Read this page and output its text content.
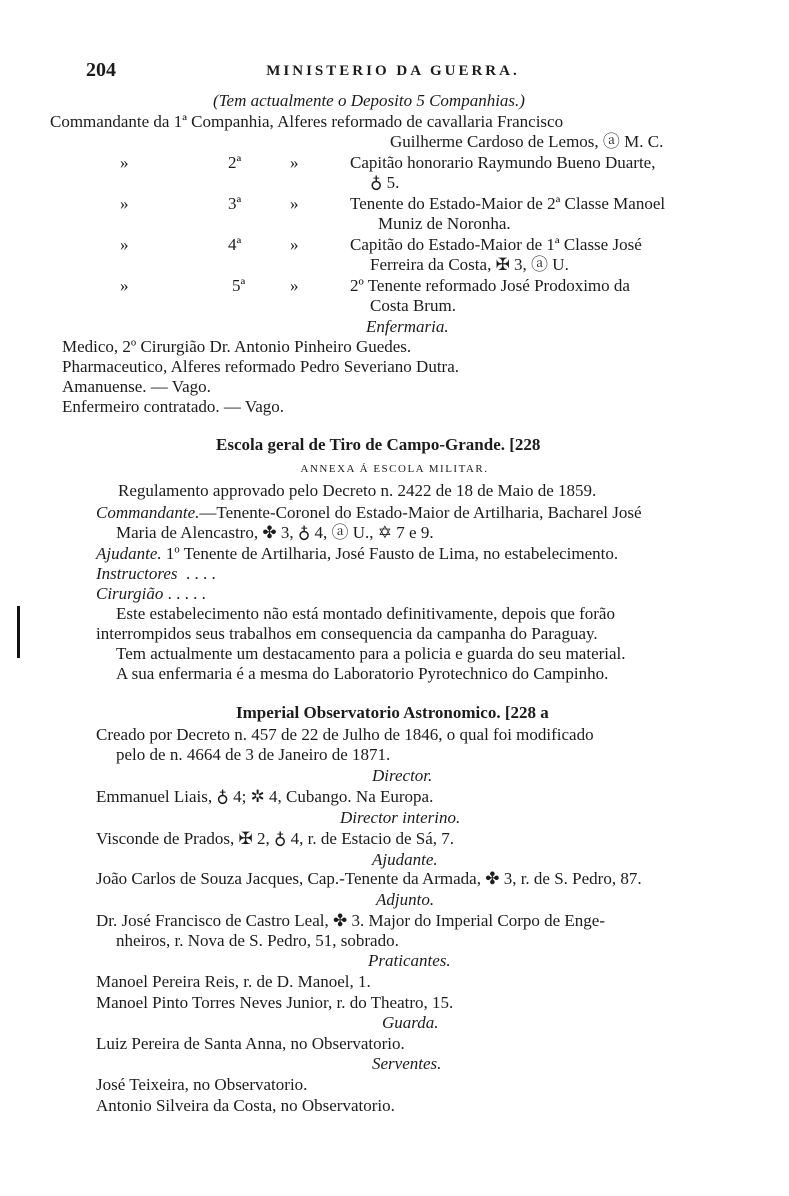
204	MINISTERIO DA GUERRA.
(Tem actualmente o Deposito 5 Companhias.)
Commandante da 1ª Companhia, Alferes reformado de cavallaria Francisco
Guilherme Cardoso de Lemos, ⓐ M. C.
»	2ª	»	Capitão honorario Raymundo Bueno Duarte,
♁ 5.
»	3ª	»	Tenente do Estado-Maior de 2ª Classe Manoel
Muniz de Noronha.
»	4ª	»	Capitão do Estado-Maior de 1ª Classe José
Ferreira da Costa, ✠ 3, ⓐ U.
»	5ª	»	2º Tenente reformado José Prodoximo da
Costa Brum.
Enfermaria.
Medico, 2º Cirurgião Dr. Antonio Pinheiro Guedes.
Pharmaceutico, Alferes reformado Pedro Severiano Dutra.
Amanuense. — Vago.
Enfermeiro contratado. — Vago.
Escola geral de Tiro de Campo-Grande. [228
ANNEXA Á ESCOLA MILITAR.
Regulamento approvado pelo Decreto n. 2422 de 18 de Maio de 1859.
Commandante.—Tenente-Coronel do Estado-Maior de Artilharia, Bacharel José
Maria de Alencastro, ✤ 3, ♁ 4, ⓐ U., ✡ 7 e 9.
Ajudante. 1º Tenente de Artilharia, José Fausto de Lima, no estabelecimento.
Instructores . . . .
Cirurgião . . . . .
Este estabelecimento não está montado definitivamente, depois que forão
interrompidos seus trabalhos em consequencia da campanha do Paraguay.
Tem actualmente um destacamento para a policia e guarda do seu material.
A sua enfermaria é a mesma do Laboratorio Pyrotechnico do Campinho.
Imperial Observatorio Astronomico. [228 a
Creado por Decreto n. 457 de 22 de Julho de 1846, o qual foi modificado
pelo de n. 4664 de 3 de Janeiro de 1871.
Director.
Emmanuel Liais, ♁ 4; ✲ 4, Cubango. Na Europa.
Director interino.
Visconde de Prados, ✠ 2, ♁ 4, r. de Estacio de Sá, 7.
Ajudante.
João Carlos de Souza Jacques, Cap.-Tenente da Armada, ✤ 3, r. de S. Pedro, 87.
Adjunto.
Dr. José Francisco de Castro Leal, ✤ 3. Major do Imperial Corpo de Enge-
nheiros, r. Nova de S. Pedro, 51, sobrado.
Praticantes.
Manoel Pereira Reis, r. de D. Manoel, 1.
Manoel Pinto Torres Neves Junior, r. do Theatro, 15.
Guarda.
Luiz Pereira de Santa Anna, no Observatorio.
Serventes.
José Teixeira, no Observatorio.
Antonio Silveira da Costa, no Observatorio.
